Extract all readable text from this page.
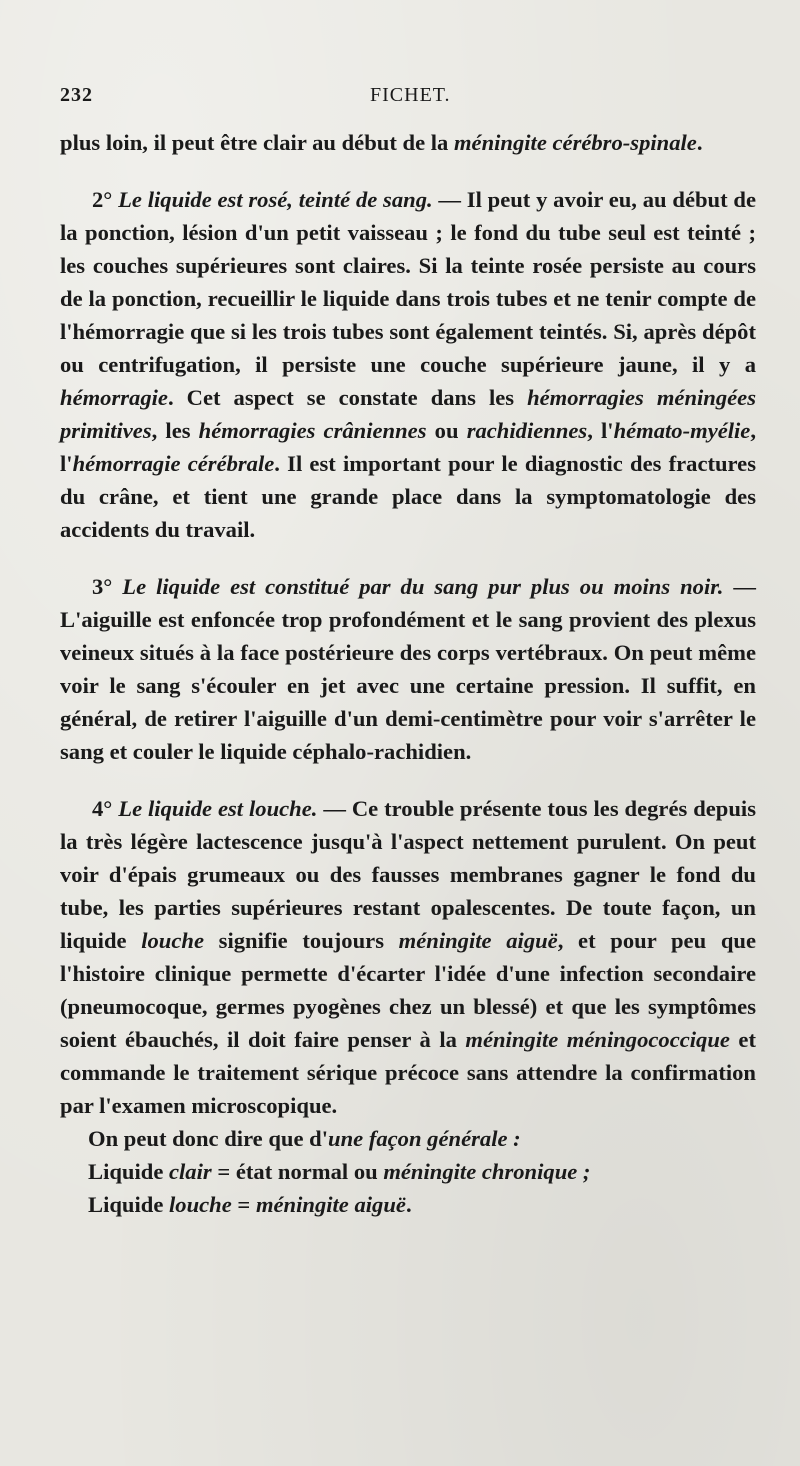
232	FICHET.

plus loin, il peut être clair au début de la méningite cérébro-spinale.

2° Le liquide est rosé, teinté de sang. — Il peut y avoir eu, au début de la ponction, lésion d'un petit vaisseau ; le fond du tube seul est teinté ; les couches supérieures sont claires. Si la teinte rosée persiste au cours de la ponction, recueillir le liquide dans trois tubes et ne tenir compte de l'hémorragie que si les trois tubes sont également teintés. Si, après dépôt ou centrifugation, il persiste une couche supérieure jaune, il y a hémorragie. Cet aspect se constate dans les hémorragies méningées primitives, les hémorragies crâniennes ou rachidiennes, l'hémato-myélie, l'hémorragie cérébrale. Il est important pour le diagnostic des fractures du crâne, et tient une grande place dans la symptomatologie des accidents du travail.

3° Le liquide est constitué par du sang pur plus ou moins noir. — L'aiguille est enfoncée trop profondément et le sang provient des plexus veineux situés à la face postérieure des corps vertébraux. On peut même voir le sang s'écouler en jet avec une certaine pression. Il suffit, en général, de retirer l'aiguille d'un demi-centimètre pour voir s'arrêter le sang et couler le liquide céphalo-rachidien.

4° Le liquide est louche. — Ce trouble présente tous les degrés depuis la très légère lactescence jusqu'à l'aspect nettement purulent. On peut voir d'épais grumeaux ou des fausses membranes gagner le fond du tube, les parties supérieures restant opalescentes. De toute façon, un liquide louche signifie toujours méningite aiguë, et pour peu que l'histoire clinique permette d'écarter l'idée d'une infection secondaire (pneumocoque, germes pyogènes chez un blessé) et que les symptômes soient ébauchés, il doit faire penser à la méningite méningococcique et commande le traitement sérique précoce sans attendre la confirmation par l'examen microscopique.

On peut donc dire que d'une façon générale :

Liquide clair = état normal ou méningite chronique ;

Liquide louche = méningite aiguë.
